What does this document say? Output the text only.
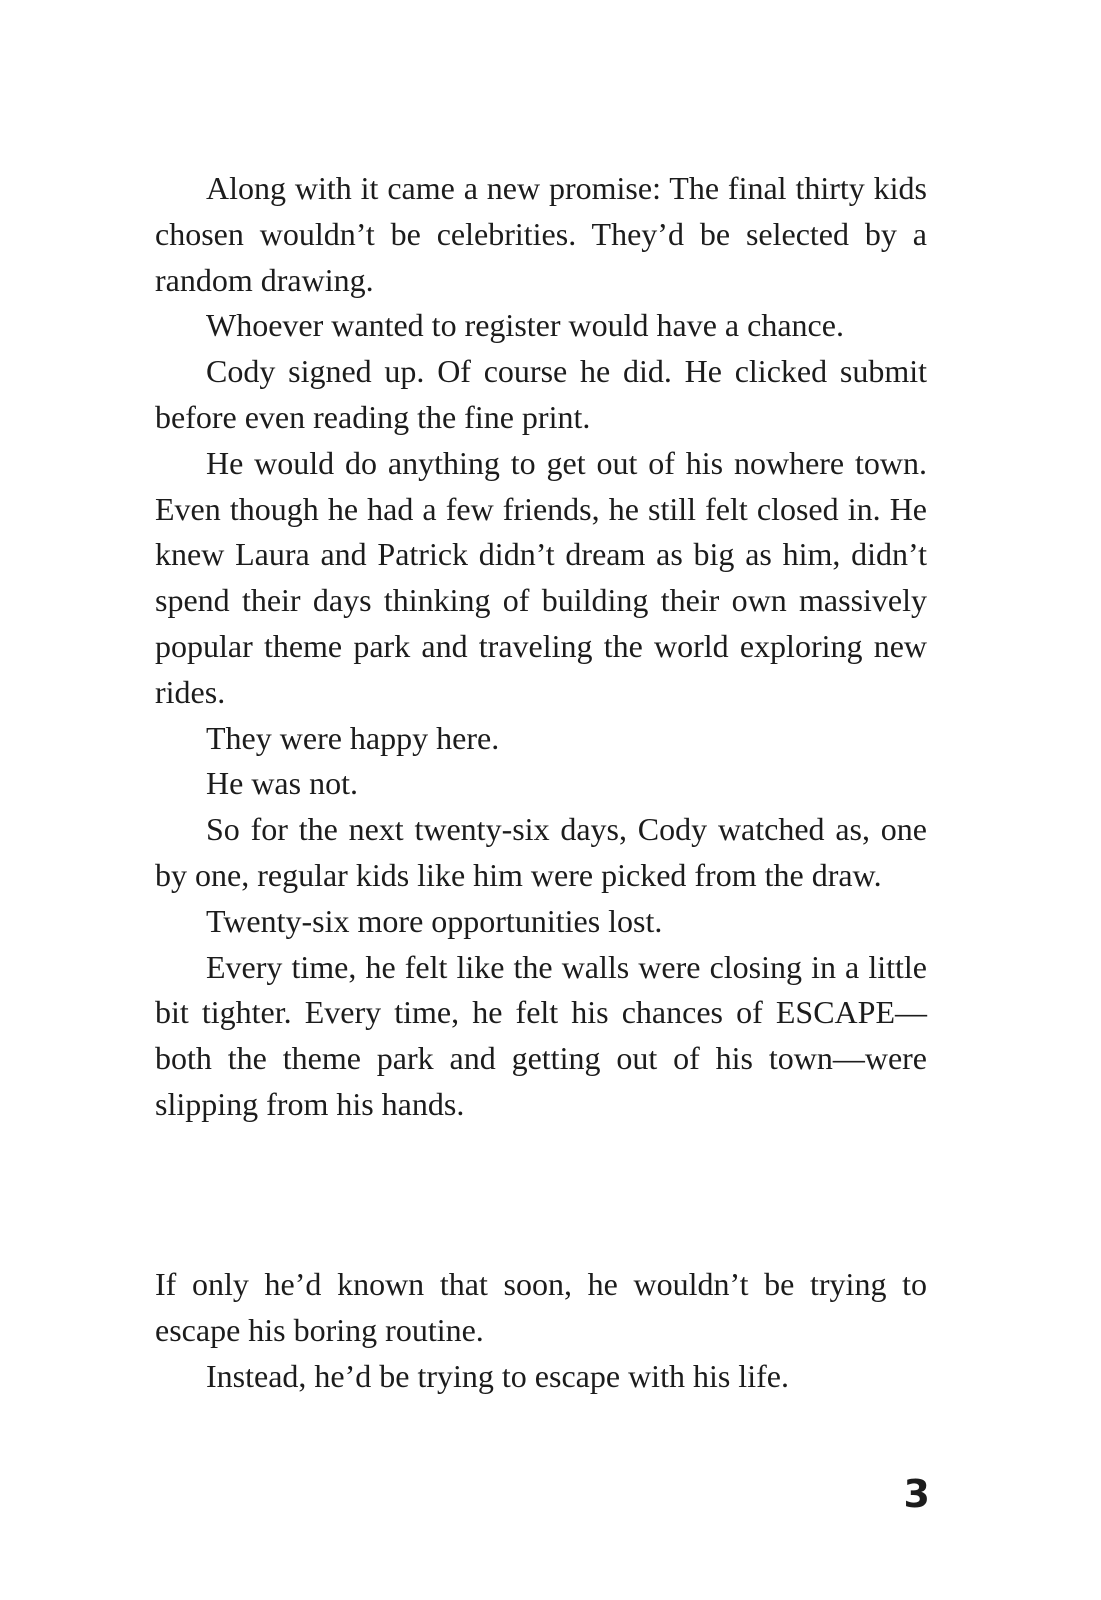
Along with it came a new promise: The final thirty kids chosen wouldn’t be celebrities. They’d be selected by a random drawing.

Whoever wanted to register would have a chance.

Cody signed up. Of course he did. He clicked submit before even reading the fine print.

He would do anything to get out of his nowhere town. Even though he had a few friends, he still felt closed in. He knew Laura and Patrick didn’t dream as big as him, didn’t spend their days thinking of building their own massively popular theme park and traveling the world exploring new rides.

They were happy here.

He was not.

So for the next twenty-six days, Cody watched as, one by one, regular kids like him were picked from the draw.

Twenty-six more opportunities lost.

Every time, he felt like the walls were closing in a little bit tighter. Every time, he felt his chances of ESCAPE—both the theme park and getting out of his town—were slipping from his hands.

If only he’d known that soon, he wouldn’t be trying to escape his boring routine.

Instead, he’d be trying to escape with his life.

3
